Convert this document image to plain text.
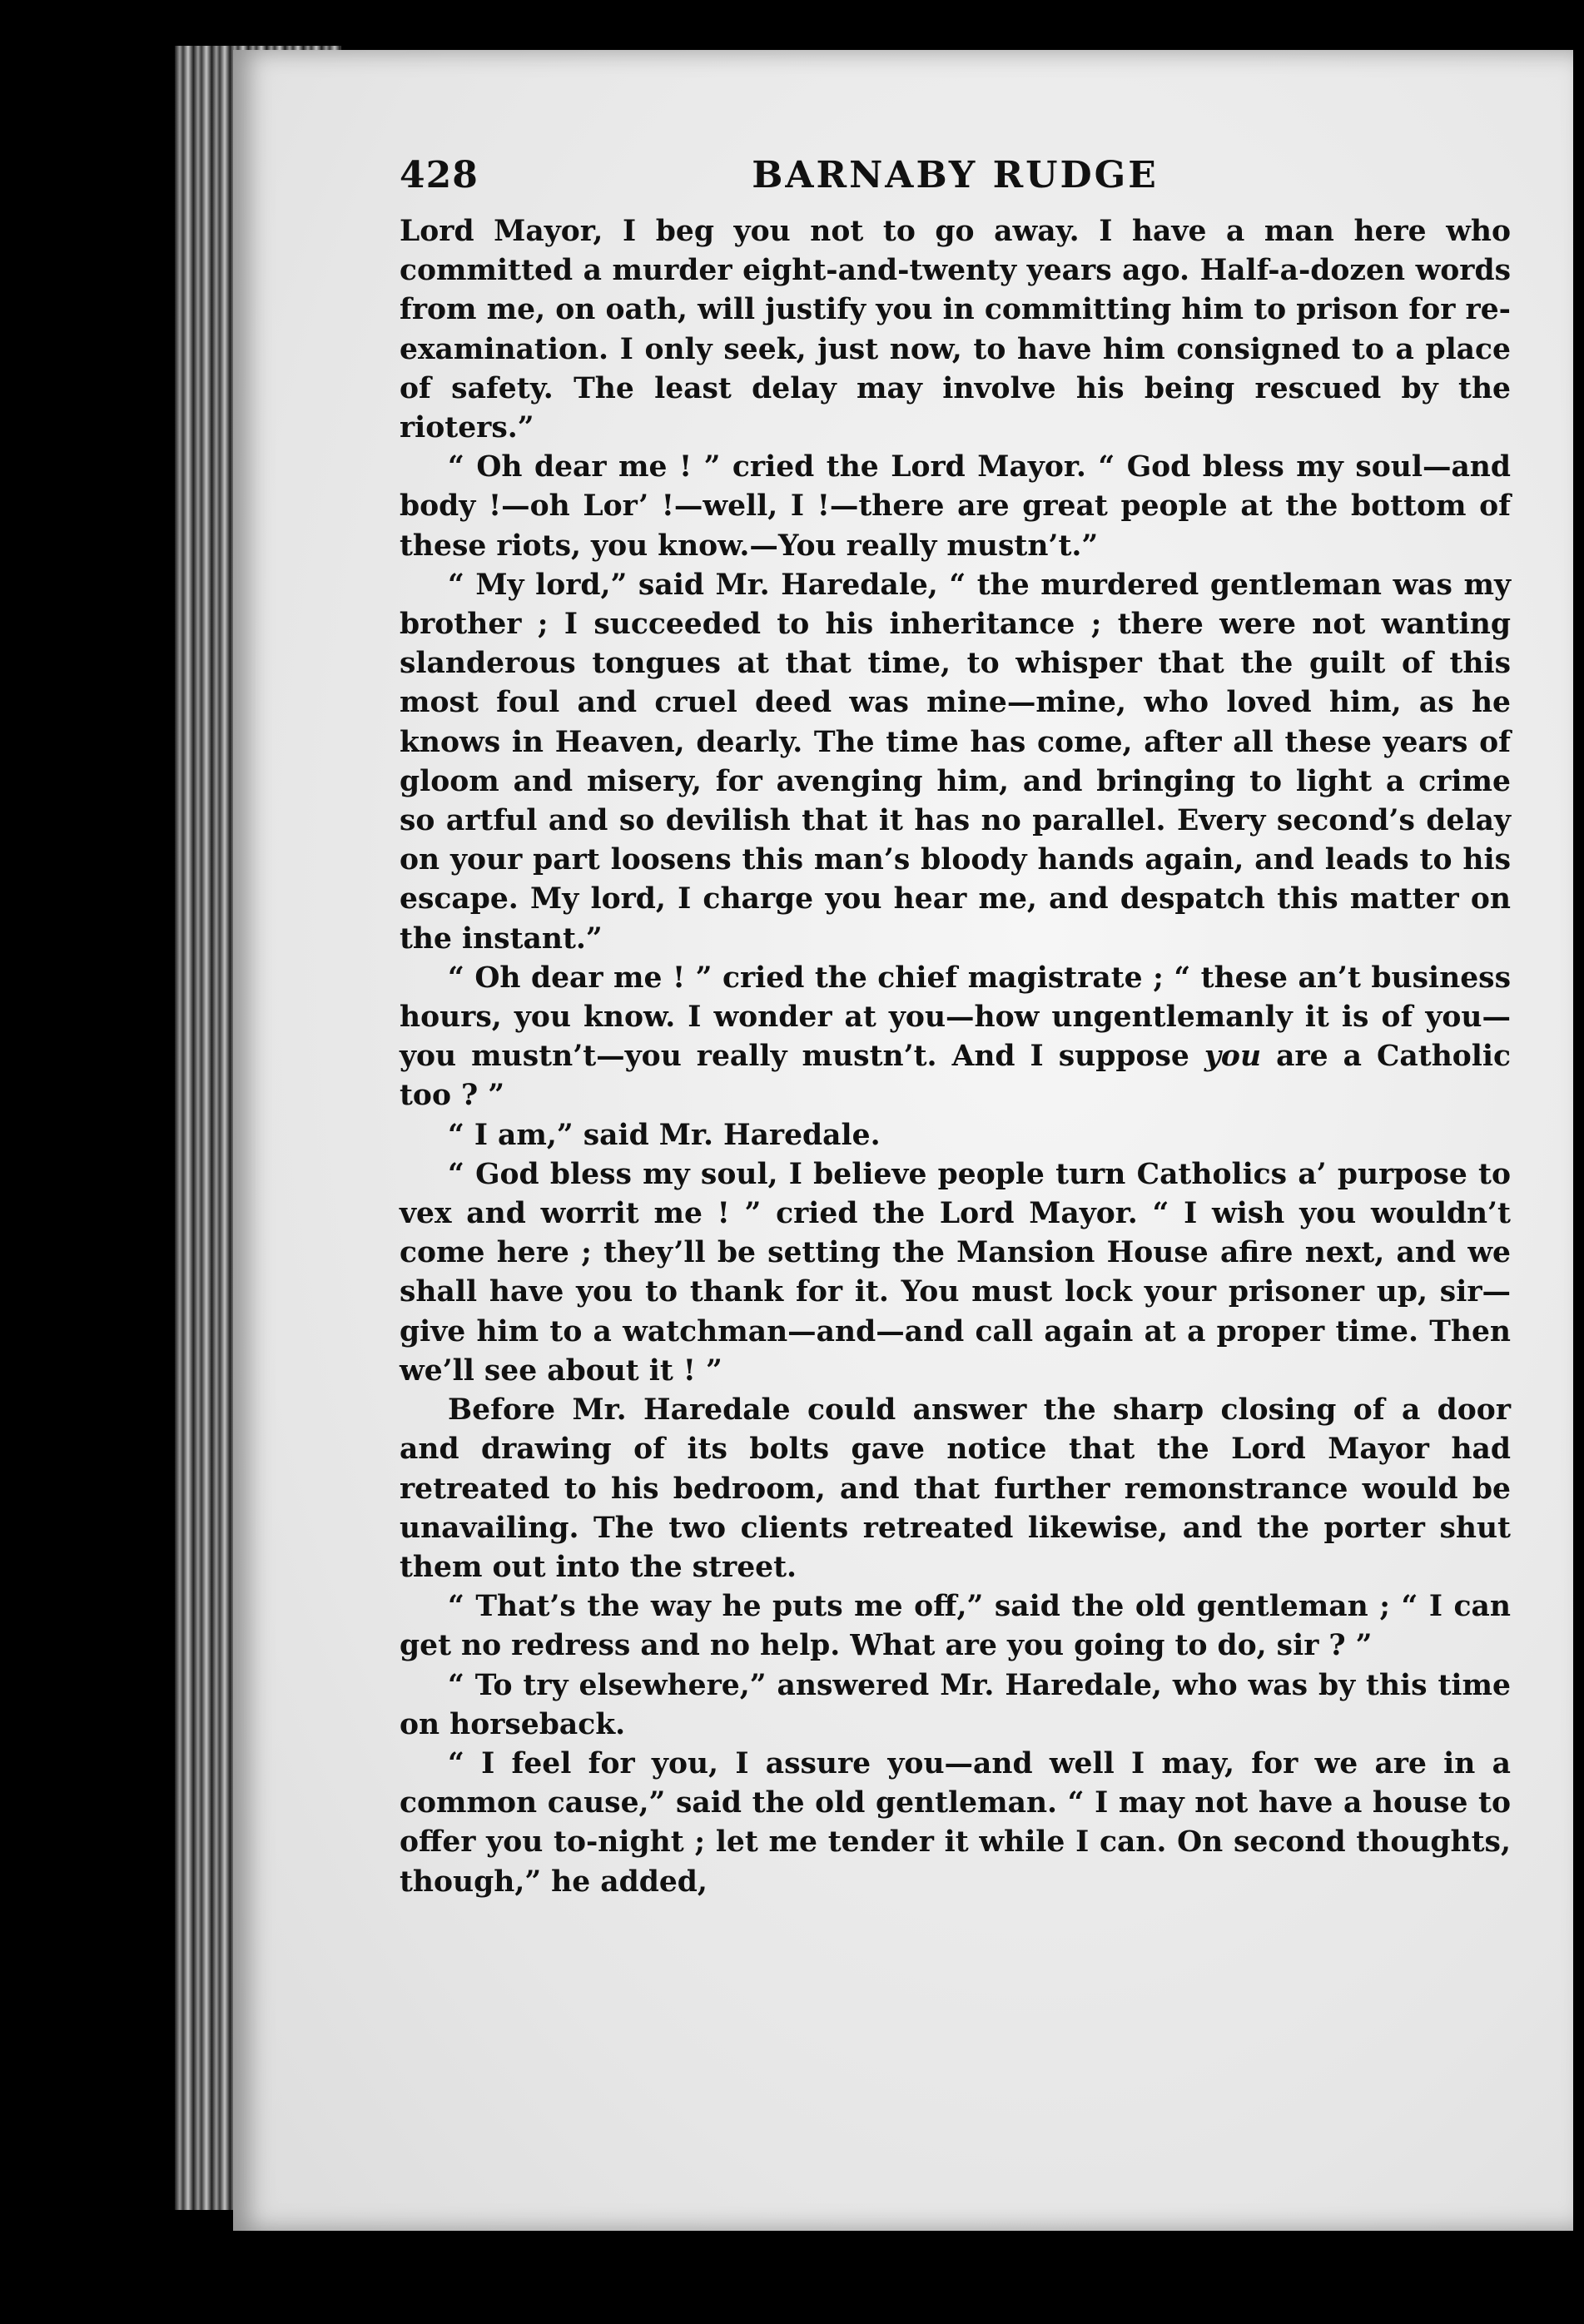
428	BARNABY RUDGE

Lord Mayor, I beg you not to go away. I have a man here who committed a murder eight-and-twenty years ago. Half-a-dozen words from me, on oath, will justify you in committing him to prison for re-examination. I only seek, just now, to have him consigned to a place of safety. The least delay may involve his being rescued by the rioters.”

“ Oh dear me ! ” cried the Lord Mayor. “ God bless my soul—and body !—oh Lor’ !—well, I !—there are great people at the bottom of these riots, you know.—You really mustn’t.”

“ My lord,” said Mr. Haredale, “ the murdered gentleman was my brother ; I succeeded to his inheritance ; there were not wanting slanderous tongues at that time, to whisper that the guilt of this most foul and cruel deed was mine—mine, who loved him, as he knows in Heaven, dearly. The time has come, after all these years of gloom and misery, for avenging him, and bringing to light a crime so artful and so devilish that it has no parallel. Every second’s delay on your part loosens this man’s bloody hands again, and leads to his escape. My lord, I charge you hear me, and despatch this matter on the instant.”

“ Oh dear me ! ” cried the chief magistrate ; “ these an’t business hours, you know. I wonder at you—how ungentlemanly it is of you—you mustn’t—you really mustn’t. And I suppose you are a Catholic too ? ”

“ I am,” said Mr. Haredale.

“ God bless my soul, I believe people turn Catholics a’ purpose to vex and worrit me ! ” cried the Lord Mayor. “ I wish you wouldn’t come here ; they’ll be setting the Mansion House afire next, and we shall have you to thank for it. You must lock your prisoner up, sir—give him to a watchman—and—and call again at a proper time. Then we’ll see about it ! ”

Before Mr. Haredale could answer the sharp closing of a door and drawing of its bolts gave notice that the Lord Mayor had retreated to his bedroom, and that further remonstrance would be unavailing. The two clients retreated likewise, and the porter shut them out into the street.

“ That’s the way he puts me off,” said the old gentleman ; “ I can get no redress and no help. What are you going to do, sir ? ”

“ To try elsewhere,” answered Mr. Haredale, who was by this time on horseback.

“ I feel for you, I assure you—and well I may, for we are in a common cause,” said the old gentleman. “ I may not have a house to offer you to-night ; let me tender it while I can. On second thoughts, though,” he added,
